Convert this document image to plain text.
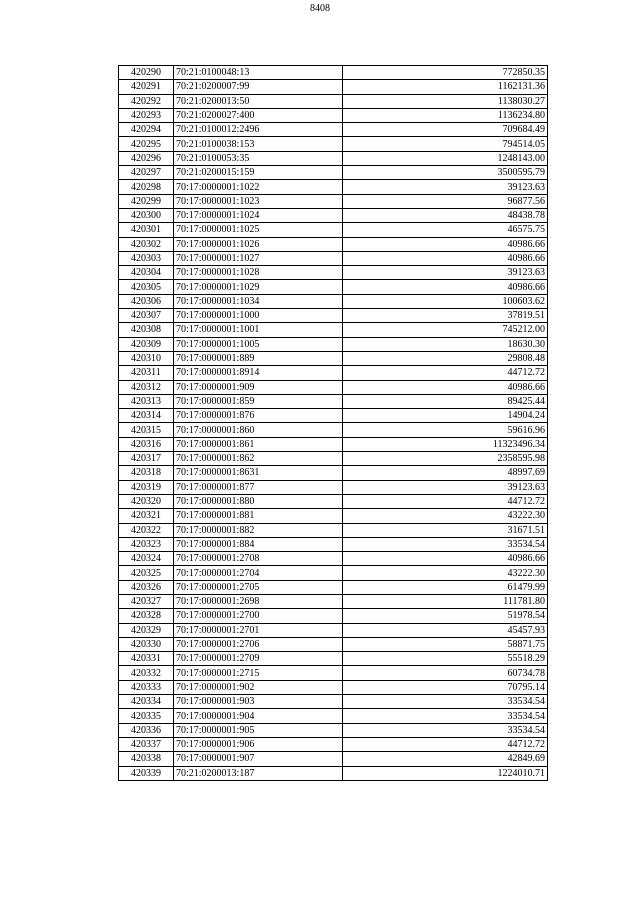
8408
420290	70:21:0100048:13	772850.35
420291	70:21:0200007:99	1162131.36
420292	70:21:0200013:50	1138030.27
420293	70:21:0200027:400	1136234.80
420294	70:21:0100012:2496	709684.49
420295	70:21:0100038:153	794514.05
420296	70:21:0100053:35	1248143.00
420297	70:21:0200015:159	3500595.79
420298	70:17:0000001:1022	39123.63
420299	70:17:0000001:1023	96877.56
420300	70:17:0000001:1024	48438.78
420301	70:17:0000001:1025	46575.75
420302	70:17:0000001:1026	40986.66
420303	70:17:0000001:1027	40986.66
420304	70:17:0000001:1028	39123.63
420305	70:17:0000001:1029	40986.66
420306	70:17:0000001:1034	100603.62
420307	70:17:0000001:1000	37819.51
420308	70:17:0000001:1001	745212.00
420309	70:17:0000001:1005	18630.30
420310	70:17:0000001:889	29808.48
420311	70:17:0000001:8914	44712.72
420312	70:17:0000001:909	40986.66
420313	70:17:0000001:859	89425.44
420314	70:17:0000001:876	14904.24
420315	70:17:0000001:860	59616.96
420316	70:17:0000001:861	11323496.34
420317	70:17:0000001:862	2358595.98
420318	70:17:0000001:8631	48997.69
420319	70:17:0000001:877	39123.63
420320	70:17:0000001:880	44712.72
420321	70:17:0000001:881	43222.30
420322	70:17:0000001:882	31671.51
420323	70:17:0000001:884	33534.54
420324	70:17:0000001:2708	40986.66
420325	70:17:0000001:2704	43222.30
420326	70:17:0000001:2705	61479.99
420327	70:17:0000001:2698	111781.80
420328	70:17:0000001:2700	51978.54
420329	70:17:0000001:2701	45457.93
420330	70:17:0000001:2706	58871.75
420331	70:17:0000001:2709	55518.29
420332	70:17:0000001:2715	60734.78
420333	70:17:0000001:902	70795.14
420334	70:17:0000001:903	33534.54
420335	70:17:0000001:904	33534.54
420336	70:17:0000001:905	33534.54
420337	70:17:0000001:906	44712.72
420338	70:17:0000001:907	42849.69
420339	70:21:0200013:187	1224010.71
